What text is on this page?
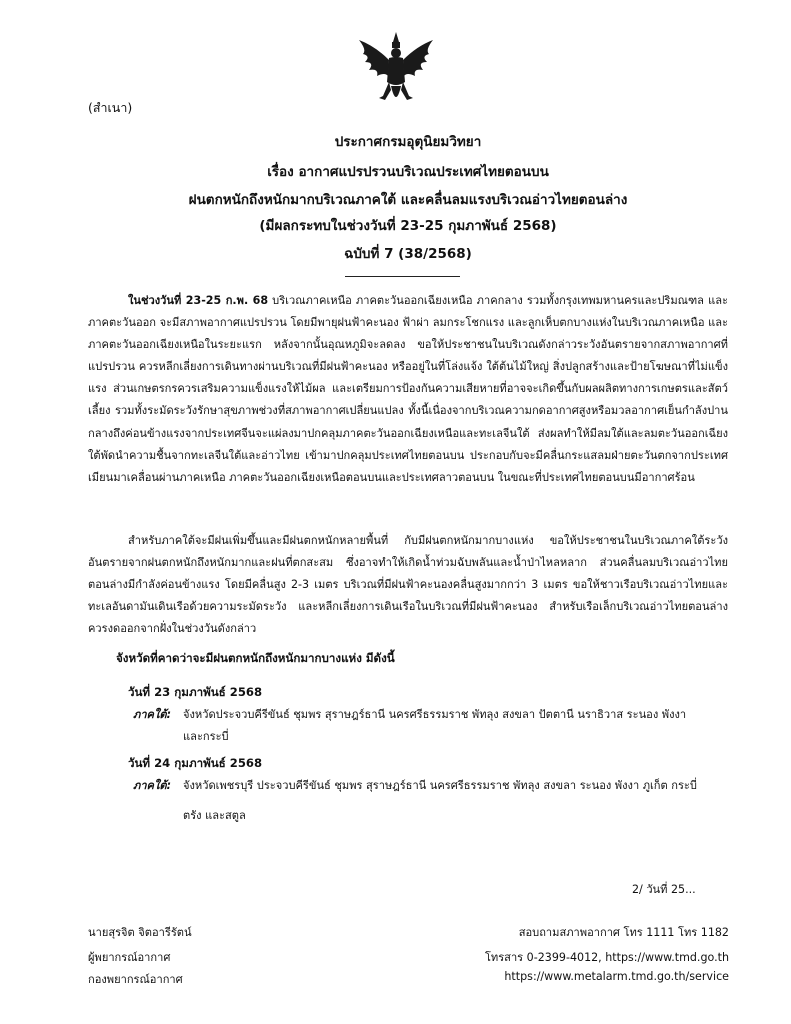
(สำเนา)
ประกาศกรมอุตุนิยมวิทยา
เรื่อง อากาศแปรปรวนบริเวณประเทศไทยตอนบน
ฝนตกหนักถึงหนักมากบริเวณภาคใต้ และคลื่นลมแรงบริเวณอ่าวไทยตอนล่าง
(มีผลกระทบในช่วงวันที่ 23-25 กุมภาพันธ์ 2568)
ฉบับที่ 7 (38/2568)
ในช่วงวันที่ 23-25 ก.พ. 68 บริเวณภาคเหนือ ภาคตะวันออกเฉียงเหนือ ภาคกลาง รวมทั้งกรุงเทพมหานครและปริมณฑล และภาคตะวันออก จะมีสภาพอากาศแปรปรวน โดยมีพายุฝนฟ้าคะนอง ฟ้าผ่า ลมกระโชกแรง และลูกเห็บตกบางแห่งในบริเวณภาคเหนือ และภาคตะวันออกเฉียงเหนือในระยะแรก หลังจากนั้นอุณหภูมิจะลดลง ขอให้ประชาชนในบริเวณดังกล่าวระวังอันตรายจากสภาพอากาศที่แปรปรวน ควรหลีกเลี่ยงการเดินทางผ่านบริเวณที่มีฝนฟ้าคะนอง หรืออยู่ในที่โล่งแจ้ง ใต้ต้นไม้ใหญ่ สิ่งปลูกสร้างและป้ายโฆษณาที่ไม่แข็งแรง ส่วนเกษตรกรควรเสริมความแข็งแรงให้ไม้ผล และเตรียมการป้องกันความเสียหายที่อาจจะเกิดขึ้นกับผลผลิตทางการเกษตรและสัตว์เลี้ยง รวมทั้งระมัดระวังรักษาสุขภาพช่วงที่สภาพอากาศเปลี่ยนแปลง ทั้งนี้เนื่องจากบริเวณความกดอากาศสูงหรือมวลอากาศเย็นกำลังปานกลางถึงค่อนข้างแรงจากประเทศจีนจะแผ่ลงมาปกคลุมภาคตะวันออกเฉียงเหนือและทะเลจีนใต้ ส่งผลทำให้มีลมใต้และลมตะวันออกเฉียงใต้พัดนำความชื้นจากทะเลจีนใต้และอ่าวไทย เข้ามาปกคลุมประเทศไทยตอนบน ประกอบกับจะมีคลื่นกระแสลมฝ่ายตะวันตกจากประเทศเมียนมาเคลื่อนผ่านภาคเหนือ ภาคตะวันออกเฉียงเหนือตอนบนและประเทศลาวตอนบน ในขณะที่ประเทศไทยตอนบนมีอากาศร้อน
สำหรับภาคใต้จะมีฝนเพิ่มขึ้นและมีฝนตกหนักหลายพื้นที่ กับมีฝนตกหนักมากบางแห่ง ขอให้ประชาชนในบริเวณภาคใต้ระวังอันตรายจากฝนตกหนักถึงหนักมากและฝนที่ตกสะสม ซึ่งอาจทำให้เกิดน้ำท่วมฉับพลันและน้ำป่าไหลหลาก ส่วนคลื่นลมบริเวณอ่าวไทยตอนล่างมีกำลังค่อนข้างแรง โดยมีคลื่นสูง 2-3 เมตร บริเวณที่มีฝนฟ้าคะนองคลื่นสูงมากกว่า 3 เมตร ขอให้ชาวเรือบริเวณอ่าวไทยและทะเลอันดามันเดินเรือด้วยความระมัดระวัง และหลีกเลี่ยงการเดินเรือในบริเวณที่มีฝนฟ้าคะนอง สำหรับเรือเล็กบริเวณอ่าวไทยตอนล่างควรงดออกจากฝั่งในช่วงวันดังกล่าว
จังหวัดที่คาดว่าจะมีฝนตกหนักถึงหนักมากบางแห่ง มีดังนี้
วันที่ 23 กุมภาพันธ์ 2568
ภาคใต้: จังหวัดประจวบคีรีขันธ์ ชุมพร สุราษฎร์ธานี นครศรีธรรมราช พัทลุง สงขลา ปัตตานี นราธิวาส ระนอง พังงา
และกระบี่
วันที่ 24 กุมภาพันธ์ 2568
ภาคใต้: จังหวัดเพชรบุรี ประจวบคีรีขันธ์ ชุมพร สุราษฎร์ธานี นครศรีธรรมราช พัทลุง สงขลา ระนอง พังงา ภูเก็ต กระบี่
ตรัง และสตูล
2/ วันที่ 25...
นายสุรจิต จิตอารีรัตน์
ผู้พยากรณ์อากาศ
กองพยากรณ์อากาศ
สอบถามสภาพอากาศ โทร 1111 โทร 1182
โทรสาร 0-2399-4012, https://www.tmd.go.th
https://www.metalarm.tmd.go.th/service
